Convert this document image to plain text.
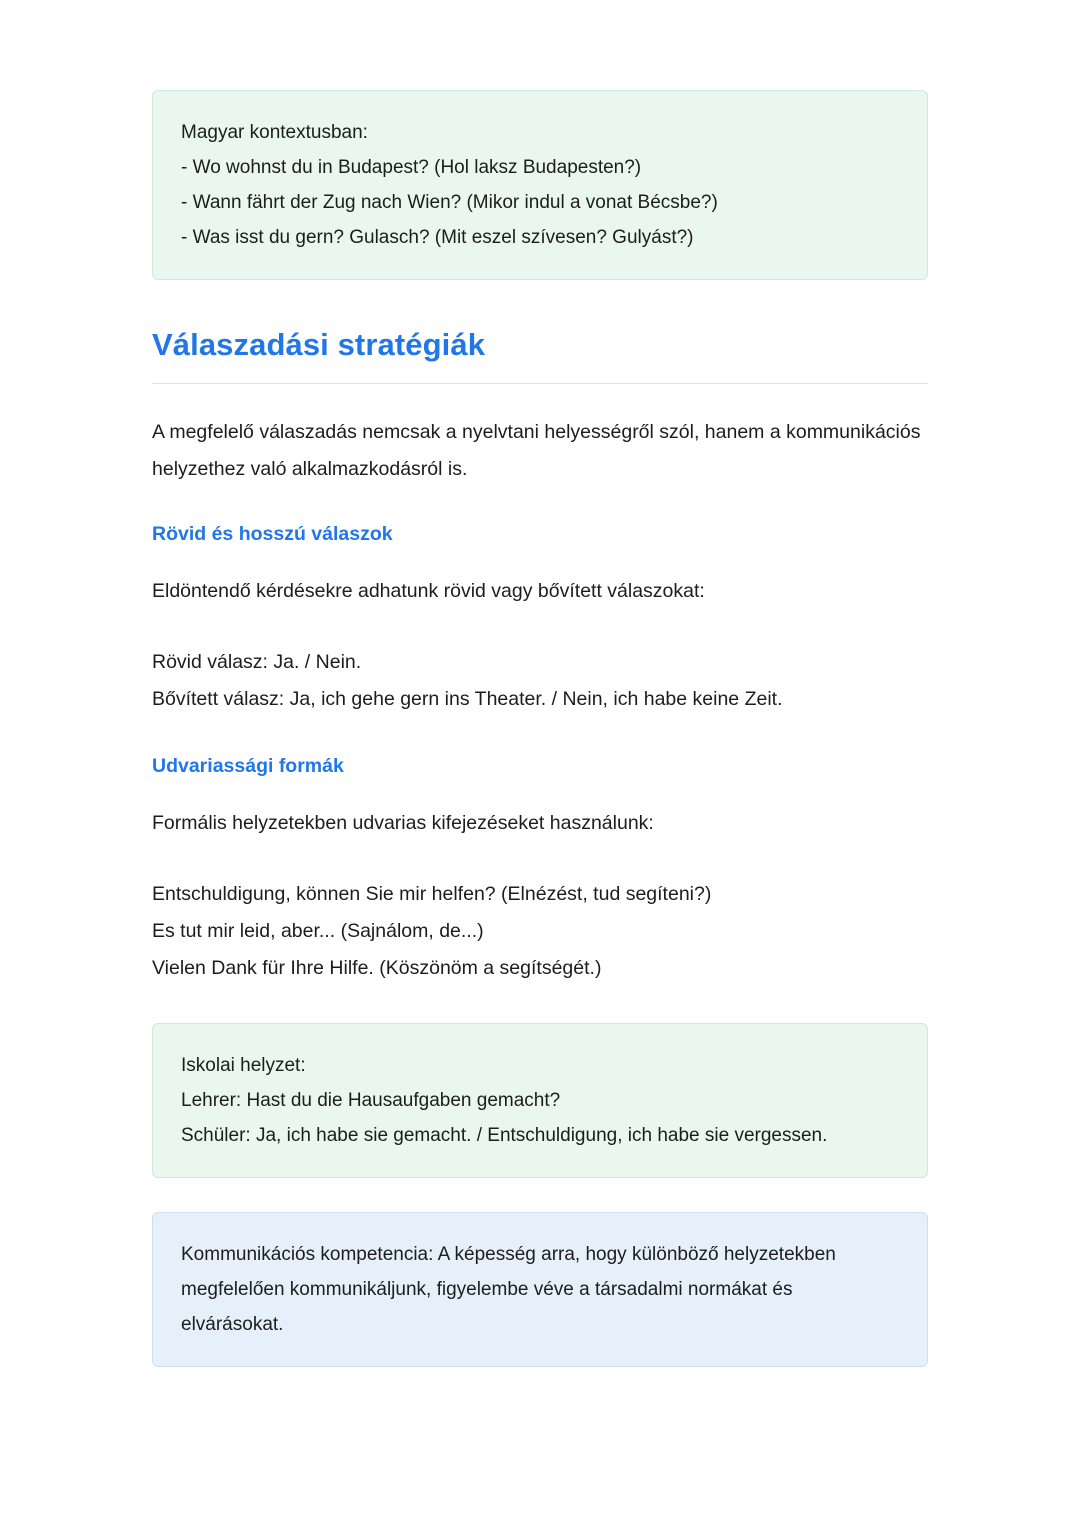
Magyar kontextusban:

- Wo wohnst du in Budapest? (Hol laksz Budapesten?)

- Wann fährt der Zug nach Wien? (Mikor indul a vonat Bécsbe?)

- Was isst du gern? Gulasch? (Mit eszel szívesen? Gulyást?)

Válaszadási stratégiák

A megfelelő válaszadás nemcsak a nyelvtani helyességről szól, hanem a kommunikációs helyzethez való alkalmazkodásról is.

Rövid és hosszú válaszok

Eldöntendő kérdésekre adhatunk rövid vagy bővített válaszokat:

Rövid válasz: Ja. / Nein.

Bővített válasz: Ja, ich gehe gern ins Theater. / Nein, ich habe keine Zeit.

Udvariassági formák

Formális helyzetekben udvarias kifejezéseket használunk:

Entschuldigung, können Sie mir helfen? (Elnézést, tud segíteni?)

Es tut mir leid, aber... (Sajnálom, de...)

Vielen Dank für Ihre Hilfe. (Köszönöm a segítségét.)

Iskolai helyzet:

Lehrer: Hast du die Hausaufgaben gemacht?

Schüler: Ja, ich habe sie gemacht. / Entschuldigung, ich habe sie vergessen.

Kommunikációs kompetencia: A képesség arra, hogy különböző helyzetekben megfelelően kommunikáljunk, figyelembe véve a társadalmi normákat és elvárásokat.
